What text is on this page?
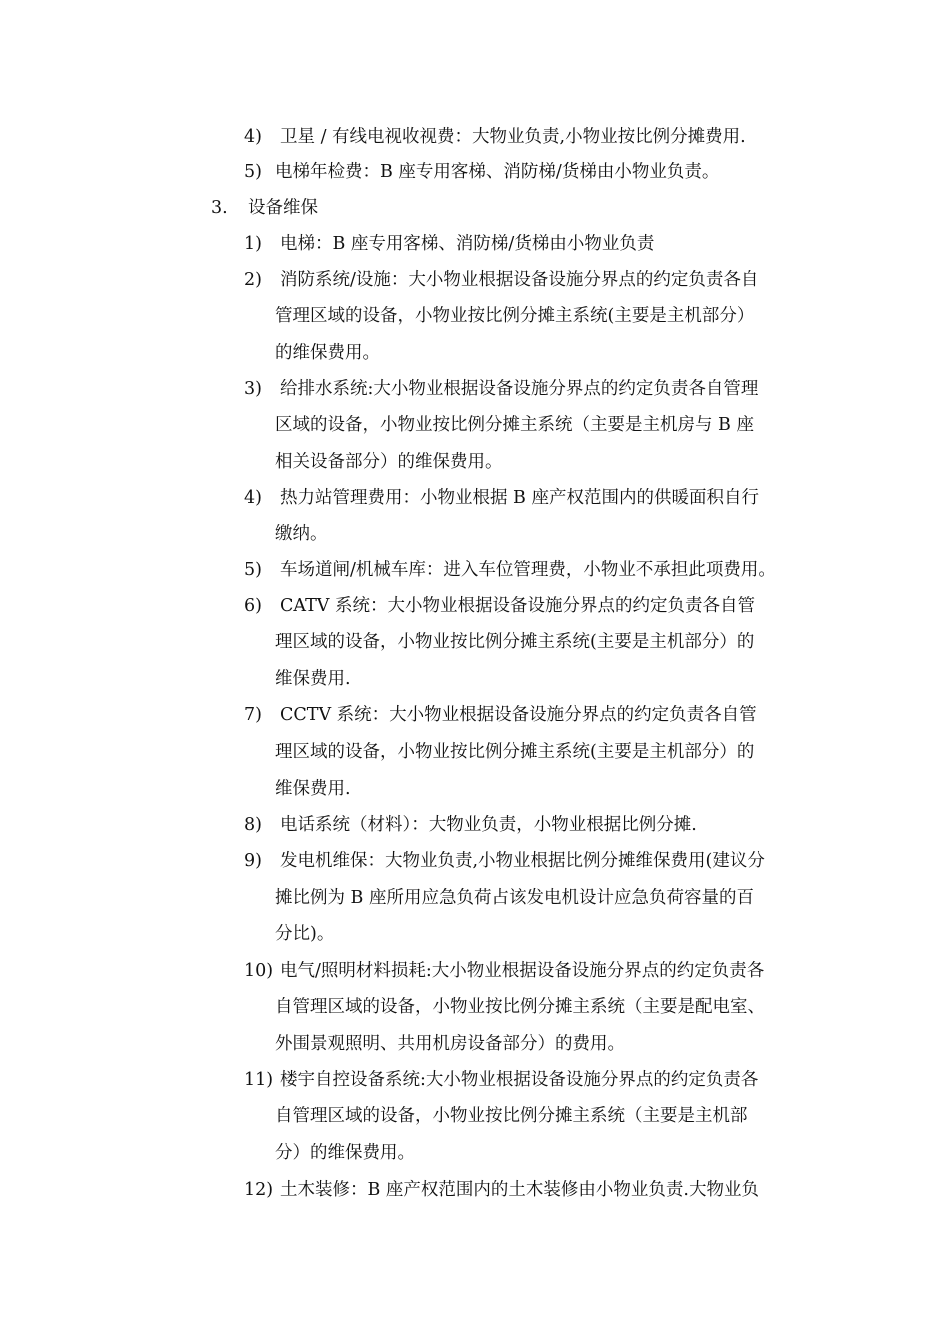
4) 卫星 / 有线电视收视费：大物业负责,小物业按比例分摊费用.
5) 电梯年检费：B 座专用客梯、消防梯/货梯由小物业负责。
3. 设备维保
1) 电梯：B 座专用客梯、消防梯/货梯由小物业负责
2) 消防系统/设施：大小物业根据设备设施分界点的约定负责各自
管理区域的设备，小物业按比例分摊主系统(主要是主机部分）
的维保费用。
3) 给排水系统:大小物业根据设备设施分界点的约定负责各自管理
区域的设备，小物业按比例分摊主系统（主要是主机房与 B 座
相关设备部分）的维保费用。
4) 热力站管理费用：小物业根据 B 座产权范围内的供暖面积自行
缴纳。
5) 车场道闸/机械车库：进入车位管理费，小物业不承担此项费用。
6) CATV 系统：大小物业根据设备设施分界点的约定负责各自管
理区域的设备，小物业按比例分摊主系统(主要是主机部分）的
维保费用.
7) CCTV 系统：大小物业根据设备设施分界点的约定负责各自管
理区域的设备，小物业按比例分摊主系统(主要是主机部分）的
维保费用.
8) 电话系统（材料）：大物业负责，小物业根据比例分摊.
9) 发电机维保：大物业负责,小物业根据比例分摊维保费用(建议分
摊比例为 B 座所用应急负荷占该发电机设计应急负荷容量的百
分比)。
10) 电气/照明材料损耗:大小物业根据设备设施分界点的约定负责各
自管理区域的设备，小物业按比例分摊主系统（主要是配电室、
外围景观照明、共用机房设备部分）的费用。
11) 楼宇自控设备系统:大小物业根据设备设施分界点的约定负责各
自管理区域的设备，小物业按比例分摊主系统（主要是主机部
分）的维保费用。
12) 土木装修：B 座产权范围内的土木装修由小物业负责.大物业负
